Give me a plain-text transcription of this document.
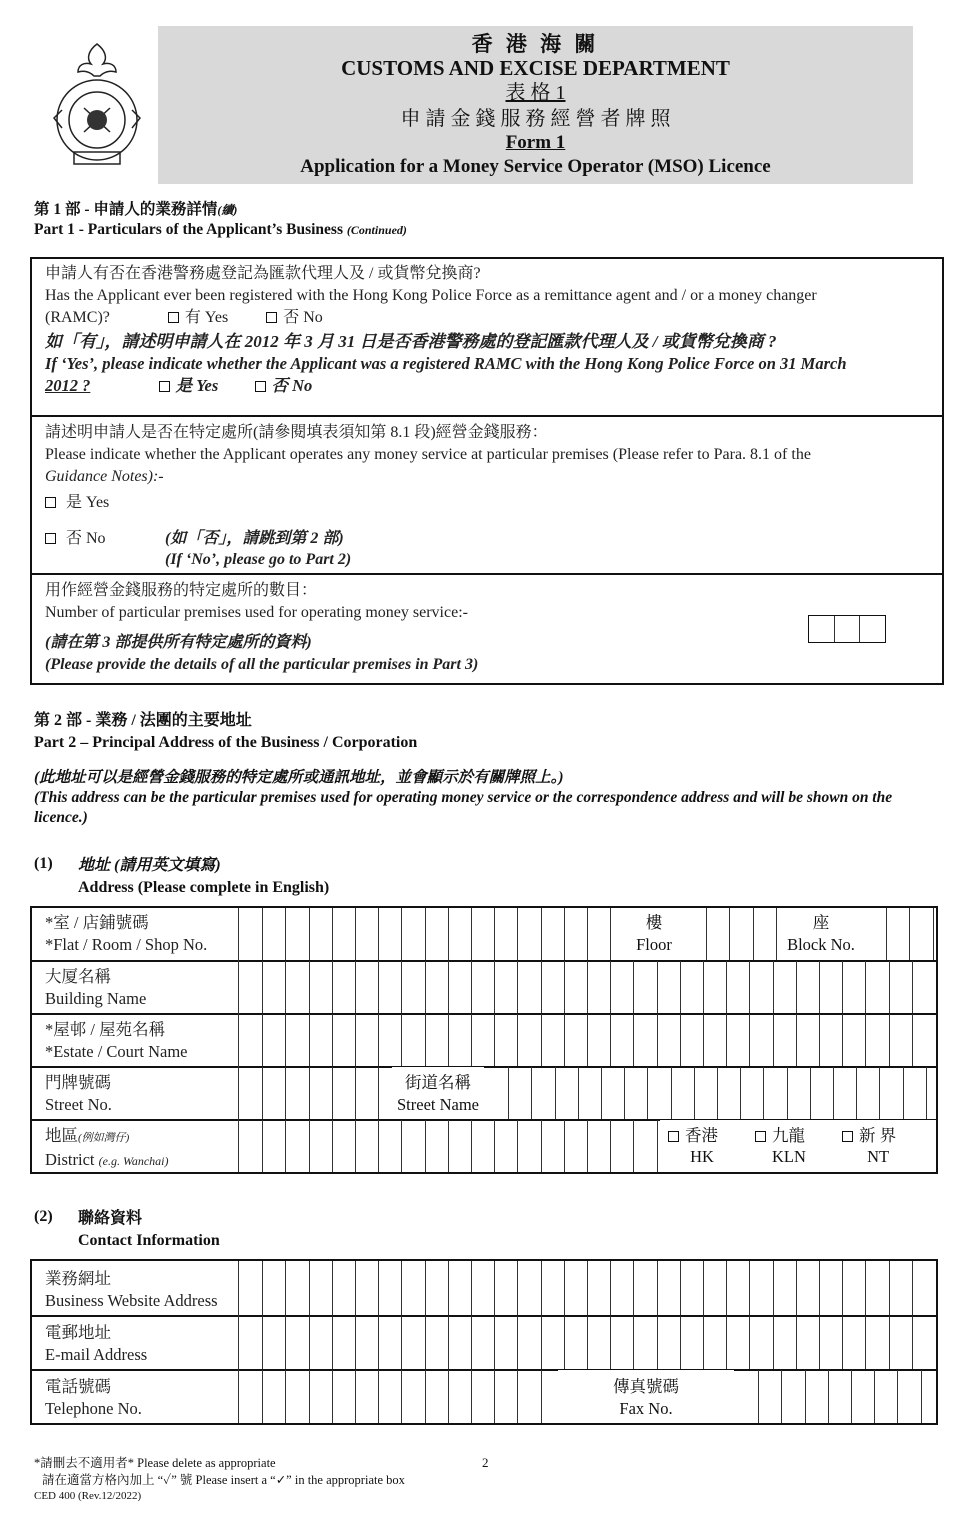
香 港 海 關
CUSTOMS AND EXCISE DEPARTMENT
表 格 1
申 請 金 錢 服 務 經 營 者 牌 照
Form 1
Application for a Money Service Operator (MSO) Licence
第 1 部 - 申請人的業務詳情(續)
Part 1 - Particulars of the Applicant’s Business (Continued)
申請人有否在香港警務處登記為匯款代理人及 / 或貨幣兌換商?
Has the Applicant ever been registered with the Hong Kong Police Force as a remittance agent and / or a money changer
(RAMC)?	有 Yes	否 No
如「有」，請述明申請人在 2012 年 3 月 31 日是否香港警務處的登記匯款代理人及 / 或貨幣兌換商 ?
If ‘Yes’, please indicate whether the Applicant was a registered RAMC with the Hong Kong Police Force on 31 March
2012 ?	是 Yes	否 No
請述明申請人是否在特定處所(請參閱填表須知第 8.1 段)經營金錢服務：
Please indicate whether the Applicant operates any money service at particular premises (Please refer to Para. 8.1 of the
Guidance Notes):-
是 Yes
否 No	(如「否」，請跳到第 2 部)
(If ‘No’, please go to Part 2)
用作經營金錢服務的特定處所的數目：
Number of particular premises used for operating money service:-
(請在第 3 部提供所有特定處所的資料)
(Please provide the details of all the particular premises in Part 3)
第 2 部 - 業務 / 法團的主要地址
Part 2 – Principal Address of the Business / Corporation
(此地址可以是經營金錢服務的特定處所或通訊地址，並會顯示於有關牌照上。)
(This address can be the particular premises used for operating money service or the correspondence address and will be shown on the licence.)
(1) 地址 (請用英文填寫)
Address (Please complete in English)
*室 / 店鋪號碼
*Flat / Room / Shop No.
樓
Floor
座
Block No.
大厦名稱
Building Name
*屋邨 / 屋苑名稱
*Estate / Court Name
門牌號碼
Street No.
街道名稱
Street Name
地區(例如灣仔)
District (e.g. Wanchai)
香港
HK
九龍
KLN
新 界
NT
(2) 聯絡資料
Contact Information
業務網址
Business Website Address
電郵地址
E-mail Address
電話號碼
Telephone No.
傳真號碼
Fax No.
*請刪去不適用者* Please delete as appropriate
請在適當方格內加上 “✓” 號 Please insert a “✓” in the appropriate box
CED 400 (Rev.12/2022)
2
